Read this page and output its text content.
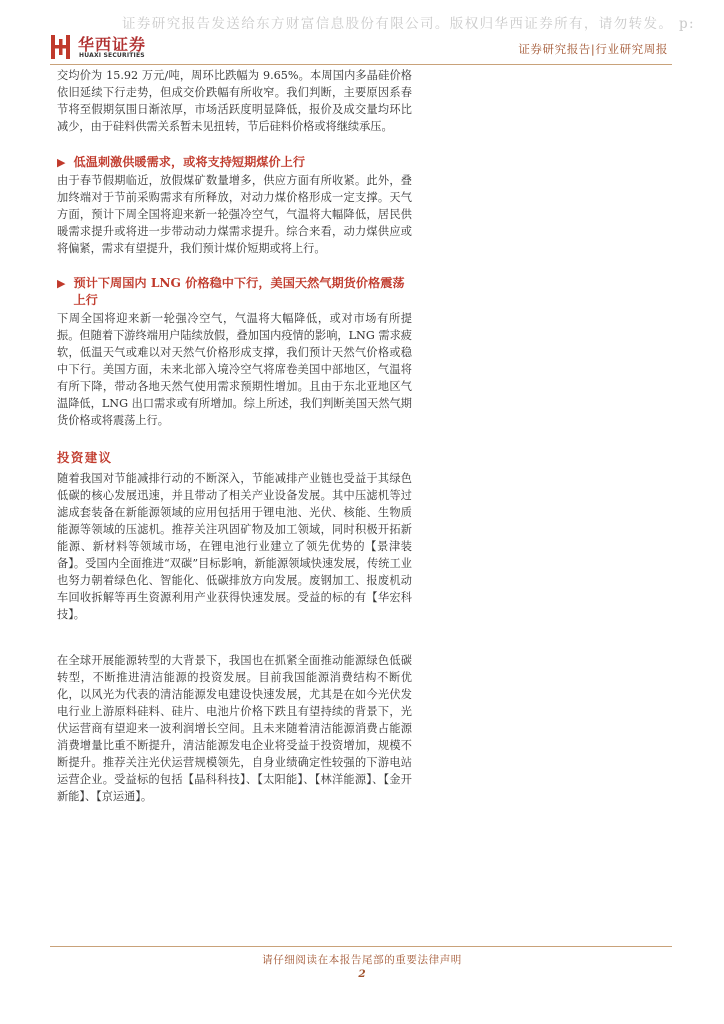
证券研究报告发送给东方财富信息股份有限公司。版权归华西证券所有，请勿转发。 p:
华西证券
HUAXI SECURITIES	证券研究报告|行业研究周报

交均价为 15.92 万元/吨，周环比跌幅为 9.65%。本周国内多晶硅价格依旧延续下行走势，但成交价跌幅有所收窄。我们判断，主要原因系春节将至假期氛围日渐浓厚，市场活跃度明显降低，报价及成交量均环比减少，由于硅料供需关系暂未见扭转，节后硅料价格或将继续承压。

▶ 低温刺激供暖需求，或将支持短期煤价上行

由于春节假期临近，放假煤矿数量增多，供应方面有所收紧。此外，叠加终端对于节前采购需求有所释放，对动力煤价格形成一定支撑。天气方面，预计下周全国将迎来新一轮强冷空气，气温将大幅降低，居民供暖需求提升或将进一步带动动力煤需求提升。综合来看，动力煤供应或将偏紧，需求有望提升，我们预计煤价短期或将上行。

▶ 预计下周国内 LNG 价格稳中下行，美国天然气期货价格震荡上行

下周全国将迎来新一轮强冷空气，气温将大幅降低，或对市场有所提振。但随着下游终端用户陆续放假，叠加国内疫情的影响，LNG 需求疲软，低温天气或难以对天然气价格形成支撑，我们预计天然气价格或稳中下行。美国方面，未来北部入境冷空气将席卷美国中部地区，气温将有所下降，带动各地天然气使用需求预期性增加。且由于东北亚地区气温降低，LNG 出口需求或有所增加。综上所述，我们判断美国天然气期货价格或将震荡上行。

投资建议

随着我国对节能减排行动的不断深入，节能减排产业链也受益于其绿色低碳的核心发展迅速，并且带动了相关产业设备发展。其中压滤机等过滤成套装备在新能源领域的应用包括用于锂电池、光伏、核能、生物质能源等领域的压滤机。推荐关注巩固矿物及加工领域，同时积极开拓新能源、新材料等领域市场，在锂电池行业建立了领先优势的【景津装备】。受国内全面推进“双碳”目标影响，新能源领域快速发展，传统工业也努力朝着绿色化、智能化、低碳排放方向发展。废钢加工、报废机动车回收拆解等再生资源利用产业获得快速发展。受益的标的有【华宏科技】。

在全球开展能源转型的大背景下，我国也在抓紧全面推动能源绿色低碳转型，不断推进清洁能源的投资发展。目前我国能源消费结构不断优化，以风光为代表的清洁能源发电建设快速发展，尤其是在如今光伏发电行业上游原料硅料、硅片、电池片价格下跌且有望持续的背景下，光伏运营商有望迎来一波利润增长空间。且未来随着清洁能源消费占能源消费增量比重不断提升，清洁能源发电企业将受益于投资增加，规模不断提升。推荐关注光伏运营规模领先，自身业绩确定性较强的下游电站运营企业。受益标的包括【晶科科技】、【太阳能】、【林洋能源】、【金开新能】、【京运通】。

请仔细阅读在本报告尾部的重要法律声明
2
